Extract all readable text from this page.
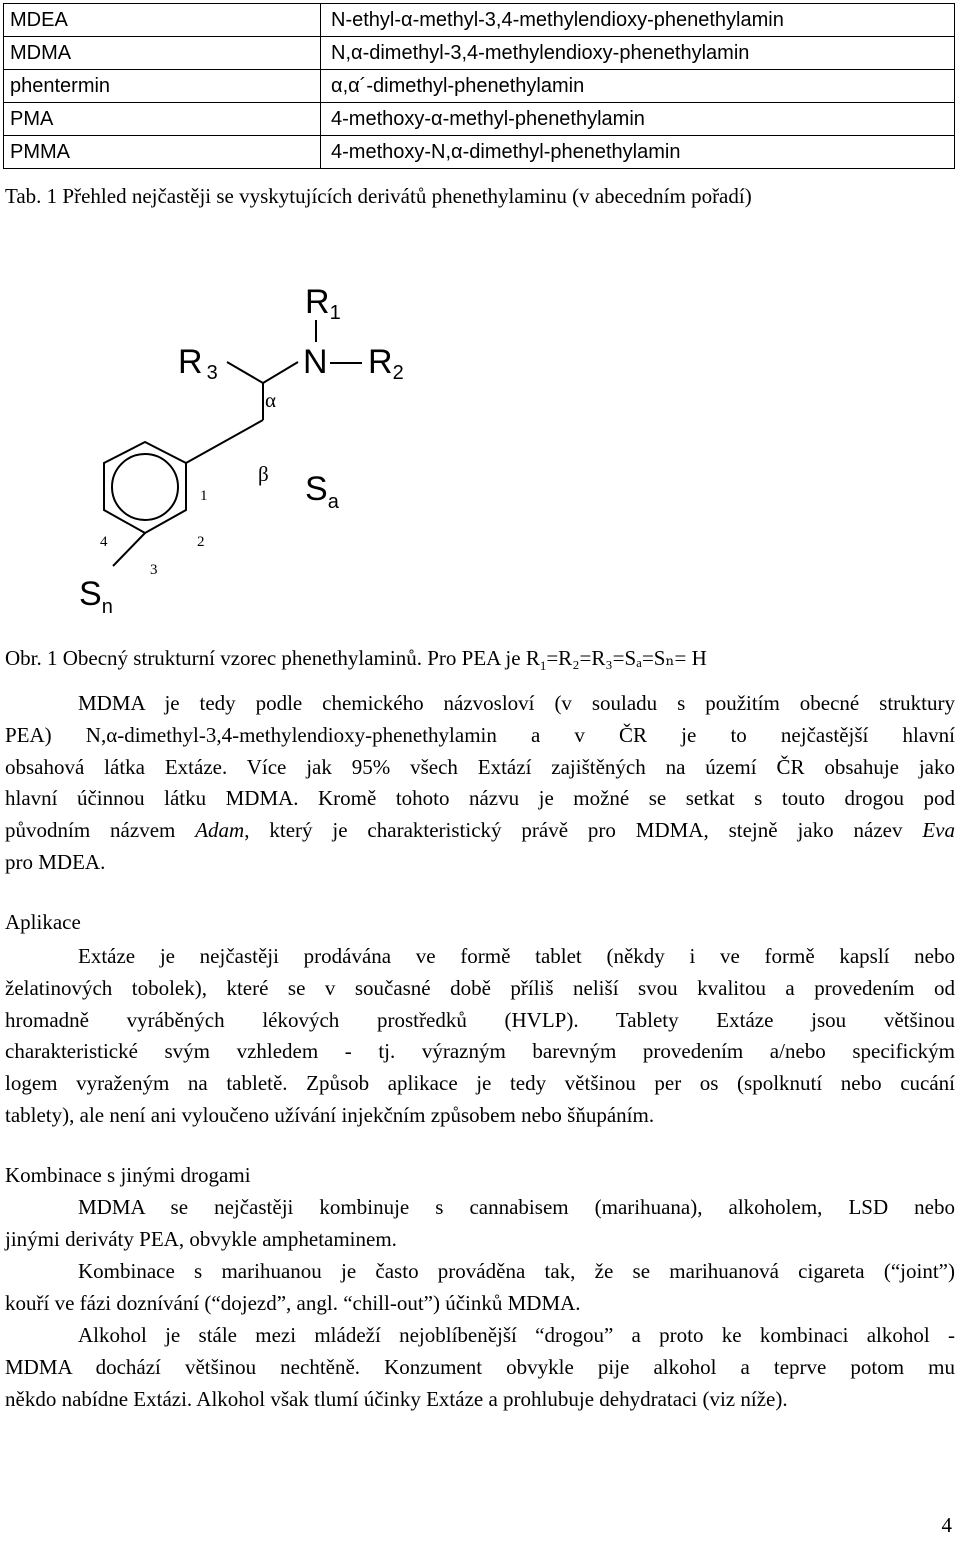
MDEA	N-ethyl-α-methyl-3,4-methylendioxy-phenethylamin
MDMA	N,α-dimethyl-3,4-methylendioxy-phenethylamin
phentermin	α,α´-dimethyl-phenethylamin
PMA	4-methoxy-α-methyl-phenethylamin
PMMA	4-methoxy-N,α-dimethyl-phenethylamin
Tab. 1 Přehled nejčastěji se vyskytujících derivátů phenethylaminu (v abecedním pořadí)
R1
R 3	N R2
α
β $S_a$
1
2
3
4
$S_n$
Obr. 1 Obecný strukturní vzorec phenethylaminů. Pro PEA je $R_1=R_2=R_3=S_a=S_n= H$
MDMA je tedy podle chemického názvosloví (v souladu s použitím obecné struktury
PEA) N,α-dimethyl-3,4-methylendioxy-phenethylamin a v ČR je to nejčastější hlavní
obsahová látka Extáze. Více jak 95% všech Extází zajištěných na území ČR obsahuje jako
hlavní účinnou látku MDMA. Kromě tohoto názvu je možné se setkat s touto drogou pod
původním názvem Adam, který je charakteristický právě pro MDMA, stejně jako název Eva
pro MDEA.
Aplikace
Extáze je nejčastěji prodávána ve formě tablet (někdy i ve formě kapslí nebo
želatinových tobolek), které se v současné době příliš neliší svou kvalitou a provedením od
hromadně vyráběných lékových prostředků (HVLP). Tablety Extáze jsou většinou
charakteristické svým vzhledem - tj. výrazným barevným provedením a/nebo specifickým
logem vyraženým na tabletě. Způsob aplikace je tedy většinou per os (spolknutí nebo cucání
tablety), ale není ani vyloučeno užívání injekčním způsobem nebo šňupáním.
Kombinace s jinými drogami
MDMA se nejčastěji kombinuje s cannabisem (marihuana), alkoholem, LSD nebo
jinými deriváty PEA, obvykle amphetaminem.
Kombinace s marihuanou je často prováděna tak, že se marihuanová cigareta (“joint”)
kouří ve fázi doznívání (“dojezd”, angl. “chill-out”) účinků MDMA.
Alkohol je stále mezi mládeží nejoblíbenější “drogou” a proto ke kombinaci alkohol -
MDMA dochází většinou nechtěně. Konzument obvykle pije alkohol a teprve potom mu
někdo nabídne Extázi. Alkohol však tlumí účinky Extáze a prohlubuje dehydrataci (viz níže).
4
